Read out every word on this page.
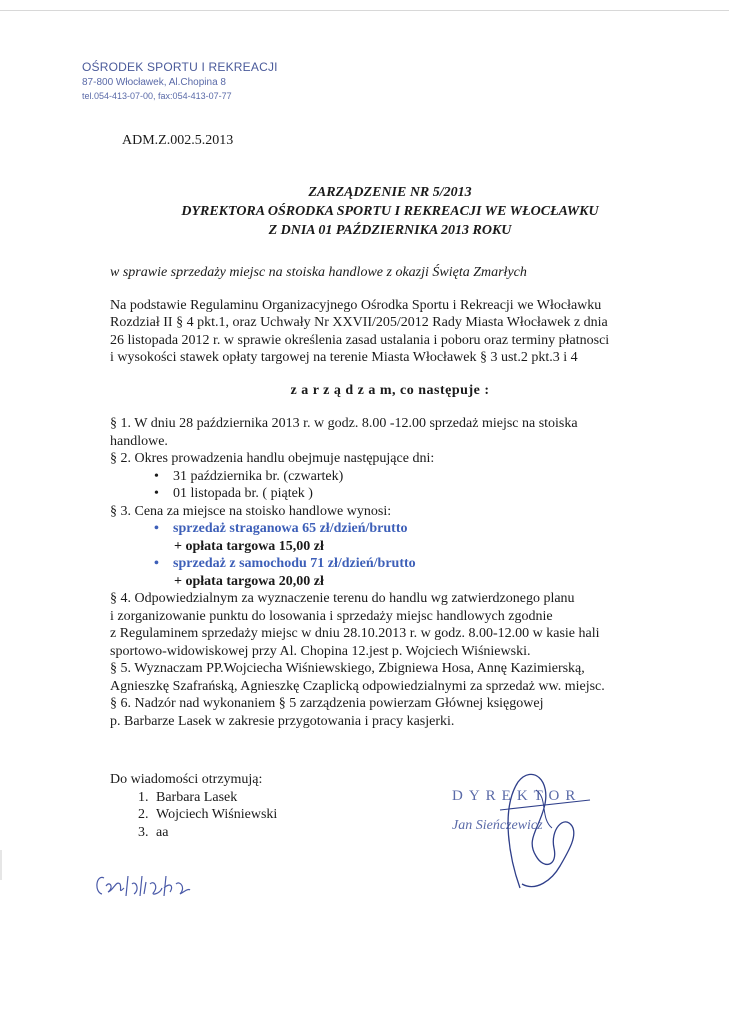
OŚRODEK SPORTU I REKREACJI
87-800 Włocławek, Al.Chopina 8
tel.054-413-07-00, fax:054-413-07-77
ADM.Z.002.5.2013
ZARZĄDZENIE NR 5/2013
DYREKTORA OŚRODKA SPORTU I REKREACJI WE WŁOCŁAWKU
Z DNIA 01 PAŹDZIERNIKA 2013 ROKU
w sprawie sprzedaży miejsc na stoiska handlowe z okazji Święta Zmarłych
Na podstawie Regulaminu Organizacyjnego Ośrodka Sportu i Rekreacji we Włocławku
Rozdział II § 4 pkt.1, oraz Uchwały Nr XXVII/205/2012 Rady Miasta Włocławek z dnia
26 listopada 2012 r. w sprawie określenia zasad ustalania i poboru oraz terminy płatnosci
i wysokości stawek opłaty targowej na terenie Miasta Włocławek § 3 ust.2 pkt.3 i 4
z a r z ą d z a m, co następuje :
§ 1. W dniu 28 października 2013 r. w godz. 8.00 -12.00 sprzedaż miejsc na stoiska
handlowe.
§ 2. Okres prowadzenia handlu obejmuje następujące dni:
• 31 października br. (czwartek)
• 01 listopada br. ( piątek )
§ 3. Cena za miejsce na stoisko handlowe wynosi:
• sprzedaż straganowa 65 zł/dzień/brutto
+ opłata targowa 15,00 zł
• sprzedaż z samochodu 71 zł/dzień/brutto
+ opłata targowa 20,00 zł
§ 4. Odpowiedzialnym za wyznaczenie terenu do handlu wg zatwierdzonego planu
i zorganizowanie punktu do losowania i sprzedaży miejsc handlowych zgodnie
z Regulaminem sprzedaży miejsc w dniu 28.10.2013 r. w godz. 8.00-12.00 w kasie hali
sportowo-widowiskowej przy Al. Chopina 12.jest p. Wojciech Wiśniewski.
§ 5. Wyznaczam PP.Wojciecha Wiśniewskiego, Zbigniewa Hosa, Annę Kazimierską,
Agnieszkę Szafrańską, Agnieszkę Czaplicką odpowiedzialnymi za sprzedaż ww. miejsc.
§ 6. Nadzór nad wykonaniem § 5 zarządzenia powierzam Głównej księgowej
p. Barbarze Lasek w zakresie przygotowania i pracy kasjerki.
Do wiadomości otrzymują:
1. Barbara Lasek
2. Wojciech Wiśniewski
3. aa
DYREKTOR
Jan Sieńczewicz
